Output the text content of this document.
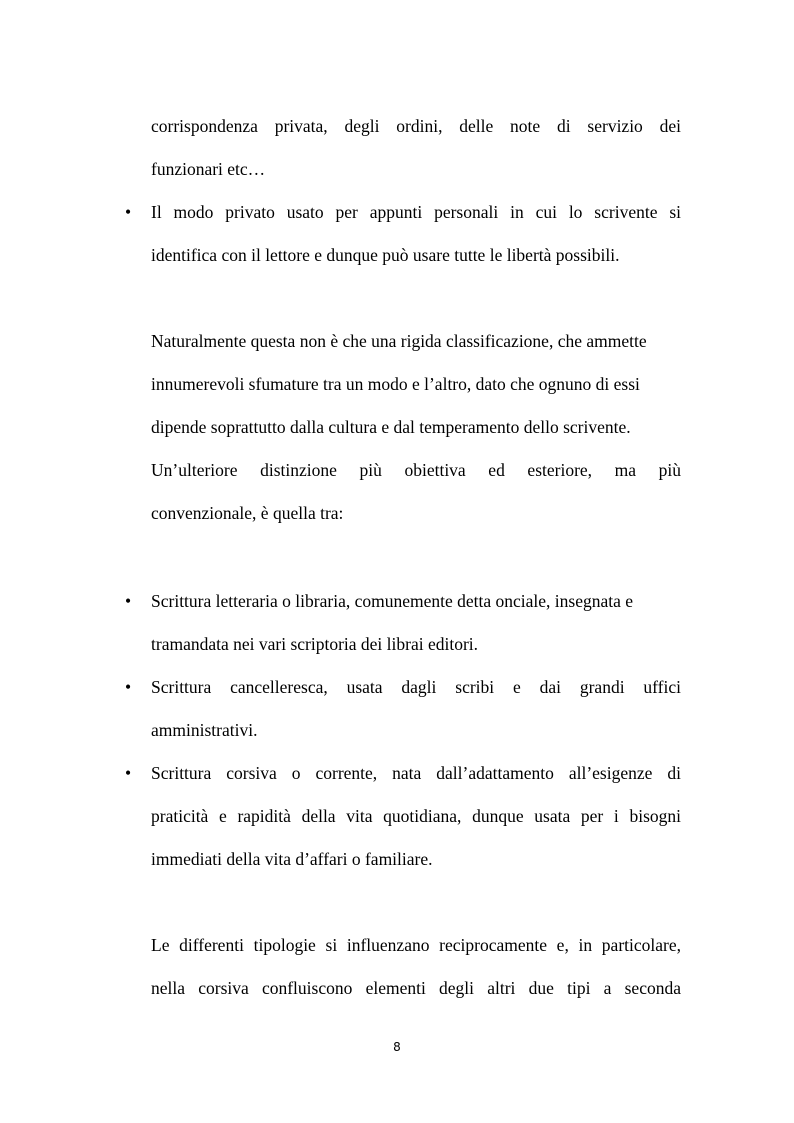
corrispondenza privata, degli ordini, delle note di servizio dei
funzionari etc…
• Il modo privato usato per appunti personali in cui lo scrivente si
identifica con il lettore e dunque può usare tutte le libertà possibili.
Naturalmente questa non è che una rigida classificazione, che ammette
innumerevoli sfumature tra un modo e l’altro, dato che ognuno di essi
dipende soprattutto dalla cultura e dal temperamento dello scrivente.
Un’ulteriore distinzione più obiettiva ed esteriore, ma più
convenzionale, è quella tra:
• Scrittura letteraria o libraria, comunemente detta onciale, insegnata e
tramandata nei vari scriptoria dei librai editori.
• Scrittura cancelleresca, usata dagli scribi e dai grandi uffici
amministrativi.
• Scrittura corsiva o corrente, nata dall’adattamento all’esigenze di
praticità e rapidità della vita quotidiana, dunque usata per i bisogni
immediati della vita d’affari o familiare.
Le differenti tipologie si influenzano reciprocamente e, in particolare,
nella corsiva confluiscono elementi degli altri due tipi a seconda
8
